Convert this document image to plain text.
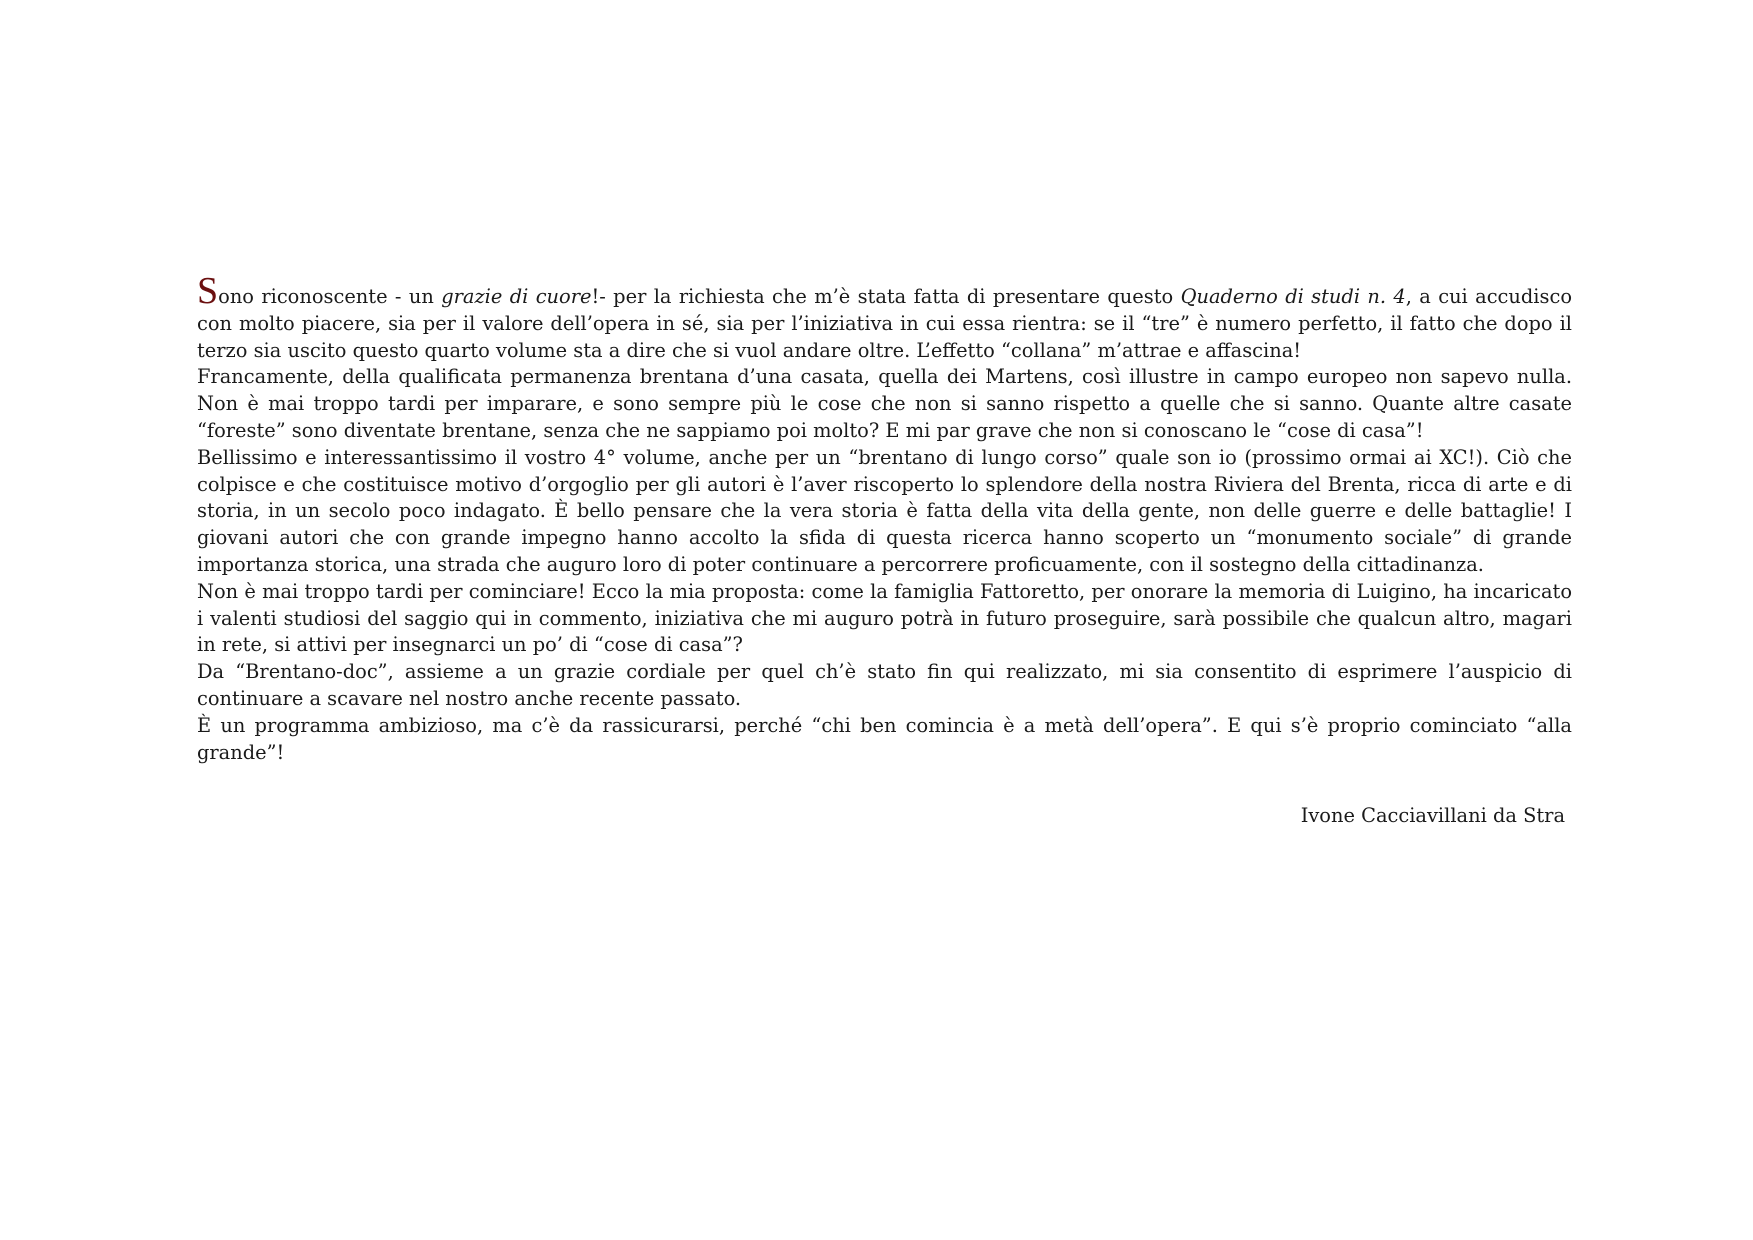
Sono riconoscente - un grazie di cuore!- per la richiesta che m’è stata fatta di presentare questo Quaderno di studi n. 4, a cui accudisco con molto piacere, sia per il valore dell’opera in sé, sia per l’iniziativa in cui essa rientra: se il “tre” è numero perfetto, il fatto che dopo il terzo sia uscito questo quarto volume sta a dire che si vuol andare oltre. L’effetto “collana” m’attrae e affascina!

Francamente, della qualificata permanenza brentana d’una casata, quella dei Martens, così illustre in campo europeo non sapevo nulla. Non è mai troppo tardi per imparare, e sono sempre più le cose che non si sanno rispetto a quelle che si sanno. Quante altre casate “foreste” sono diventate brentane, senza che ne sappiamo poi molto? E mi par grave che non si conoscano le “cose di casa”!

Bellissimo e interessantissimo il vostro 4° volume, anche per un “brentano di lungo corso” quale son io (prossimo ormai ai XC!). Ciò che colpisce e che costituisce motivo d’orgoglio per gli autori è l’aver riscoperto lo splendore della nostra Riviera del Brenta, ricca di arte e di storia, in un secolo poco indagato. È bello pensare che la vera storia è fatta della vita della gente, non delle guerre e delle battaglie! I giovani autori che con grande impegno hanno accolto la sfida di questa ricerca hanno scoperto un “monumento sociale” di grande importanza storica, una strada che auguro loro di poter continuare a percorrere proficuamente, con il sostegno della cittadinanza.

Non è mai troppo tardi per cominciare! Ecco la mia proposta: come la famiglia Fattoretto, per onorare la memoria di Luigino, ha incaricato i valenti studiosi del saggio qui in commento, iniziativa che mi auguro potrà in futuro proseguire, sarà possibile che qualcun altro, magari in rete, si attivi per insegnarci un po’ di “cose di casa”?

Da “Brentano-doc”, assieme a un grazie cordiale per quel ch’è stato fin qui realizzato, mi sia consentito di esprimere l’auspicio di continuare a scavare nel nostro anche recente passato.

È un programma ambizioso, ma c’è da rassicurarsi, perché “chi ben comincia è a metà dell’opera”. E qui s’è proprio cominciato “alla grande”!

Ivone Cacciavillani da Stra
